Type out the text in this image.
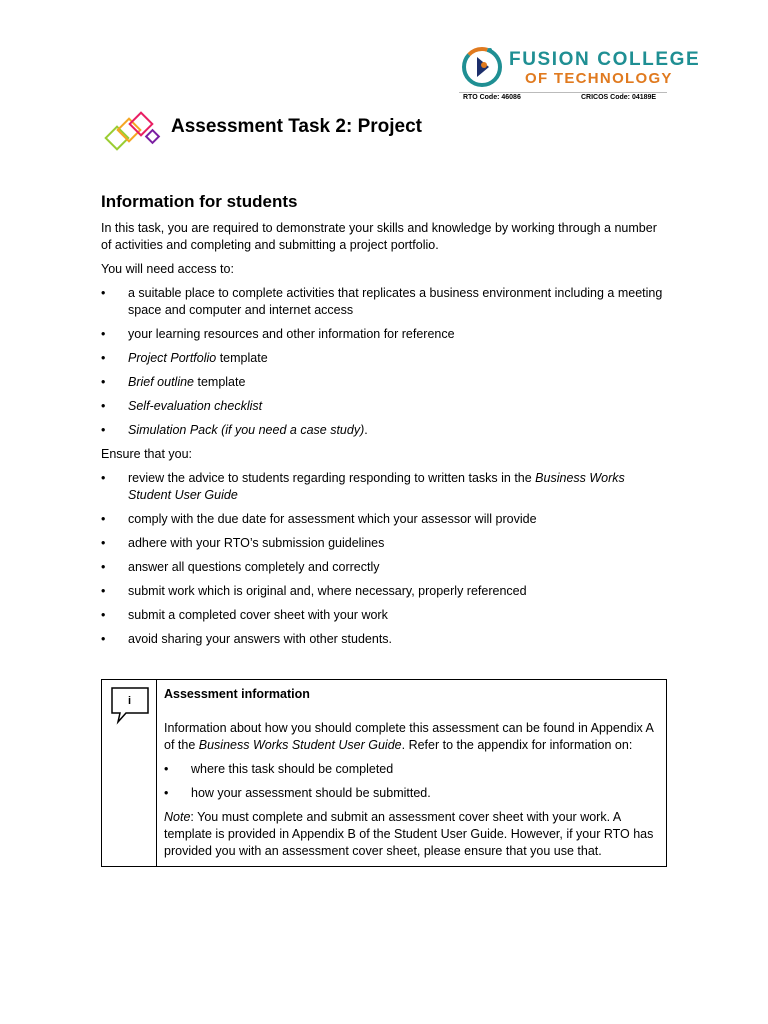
FUSION COLLEGE
OF TECHNOLOGY
RTO Code: 46086	CRICOS Code: 04189E
Assessment Task 2: Project
Information for students

In this task, you are required to demonstrate your skills and knowledge by working through a number of activities and completing and submitting a project portfolio.

You will need access to:

• a suitable place to complete activities that replicates a business environment including a meeting space and computer and internet access
• your learning resources and other information for reference
• Project Portfolio template
• Brief outline template
• Self-evaluation checklist
• Simulation Pack (if you need a case study).

Ensure that you:

• review the advice to students regarding responding to written tasks in the Business Works Student User Guide
• comply with the due date for assessment which your assessor will provide
• adhere with your RTO’s submission guidelines
• answer all questions completely and correctly
• submit work which is original and, where necessary, properly referenced
• submit a completed cover sheet with your work
• avoid sharing your answers with other students.
i	Assessment information

Information about how you should complete this assessment can be found in Appendix A of the Business Works Student User Guide. Refer to the appendix for information on:

• where this task should be completed
• how your assessment should be submitted.

Note: You must complete and submit an assessment cover sheet with your work. A template is provided in Appendix B of the Student User Guide. However, if your RTO has provided you with an assessment cover sheet, please ensure that you use that.
